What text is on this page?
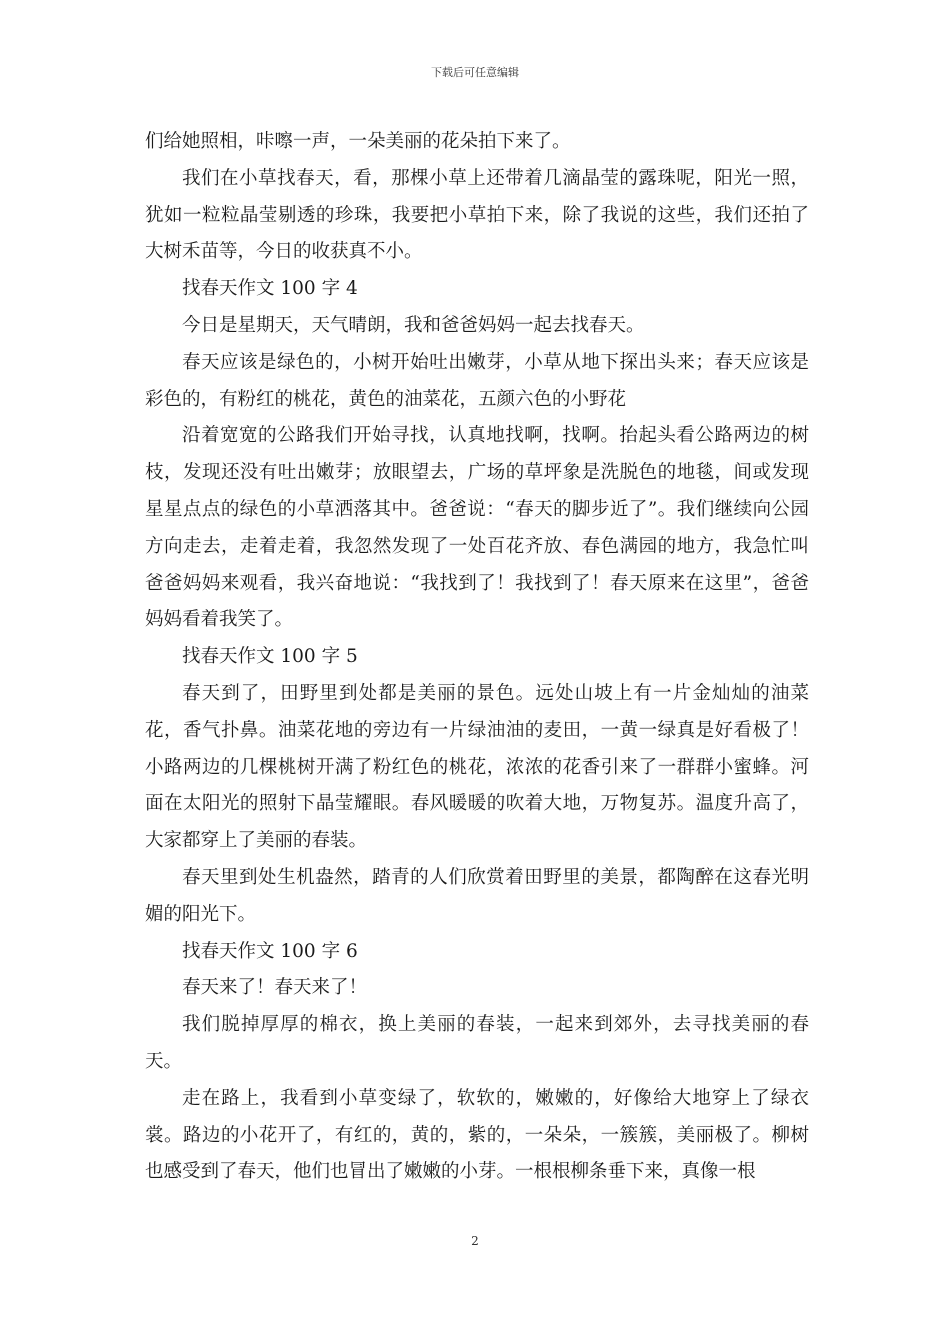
下载后可任意编辑

们给她照相，咔嚓一声，一朵美丽的花朵拍下来了。

我们在小草找春天，看，那棵小草上还带着几滴晶莹的露珠呢，阳光一照，犹如一粒粒晶莹剔透的珍珠，我要把小草拍下来，除了我说的这些，我们还拍了大树禾苗等，今日的收获真不小。

找春天作文 100 字 4

今日是星期天，天气晴朗，我和爸爸妈妈一起去找春天。

春天应该是绿色的，小树开始吐出嫩芽，小草从地下探出头来；春天应该是彩色的，有粉红的桃花，黄色的油菜花，五颜六色的小野花

沿着宽宽的公路我们开始寻找，认真地找啊，找啊。抬起头看公路两边的树枝，发现还没有吐出嫩芽；放眼望去，广场的草坪象是洗脱色的地毯，间或发现星星点点的绿色的小草洒落其中。爸爸说：“春天的脚步近了”。我们继续向公园方向走去，走着走着，我忽然发现了一处百花齐放、春色满园的地方，我急忙叫爸爸妈妈来观看，我兴奋地说：“我找到了！我找到了！春天原来在这里”，爸爸妈妈看着我笑了。

找春天作文 100 字 5

春天到了，田野里到处都是美丽的景色。远处山坡上有一片金灿灿的油菜花，香气扑鼻。油菜花地的旁边有一片绿油油的麦田，一黄一绿真是好看极了！小路两边的几棵桃树开满了粉红色的桃花，浓浓的花香引来了一群群小蜜蜂。河面在太阳光的照射下晶莹耀眼。春风暖暖的吹着大地，万物复苏。温度升高了，大家都穿上了美丽的春装。

春天里到处生机盎然，踏青的人们欣赏着田野里的美景，都陶醉在这春光明媚的阳光下。

找春天作文 100 字 6

春天来了！春天来了！

我们脱掉厚厚的棉衣，换上美丽的春装，一起来到郊外，去寻找美丽的春天。

走在路上，我看到小草变绿了，软软的，嫩嫩的，好像给大地穿上了绿衣裳。路边的小花开了，有红的，黄的，紫的，一朵朵，一簇簇，美丽极了。柳树也感受到了春天，他们也冒出了嫩嫩的小芽。一根根柳条垂下来，真像一根

2
